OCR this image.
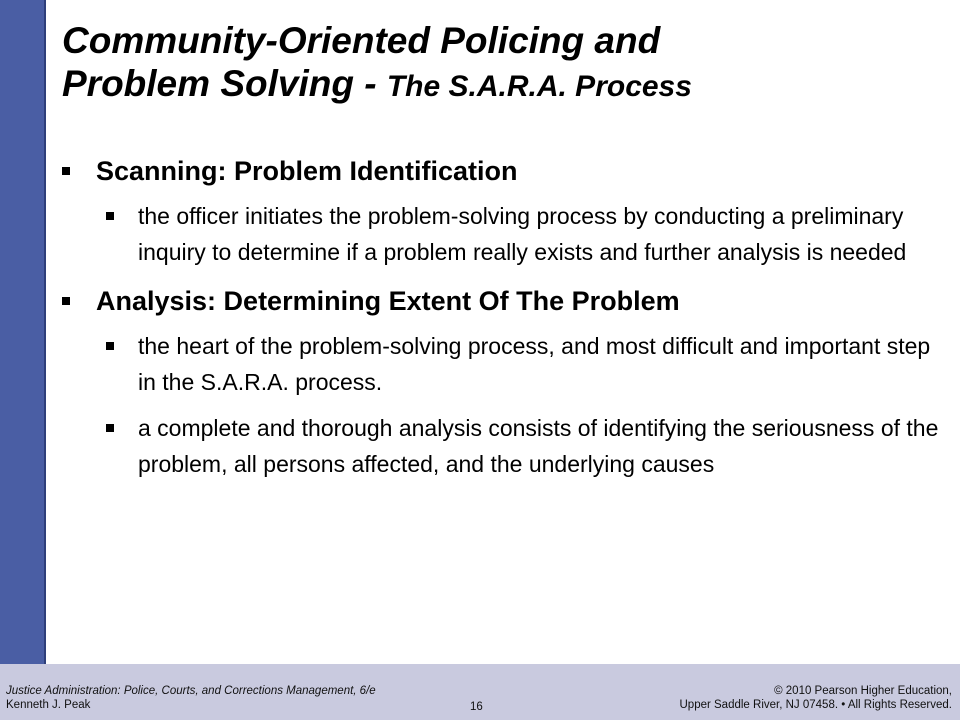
Community-Oriented Policing and
Problem Solving - The S.A.R.A. Process
Scanning: Problem Identification
the officer initiates the problem-solving process by conducting a preliminary inquiry to determine if a problem really exists and further analysis is needed
Analysis: Determining Extent Of The Problem
the heart of the problem-solving process, and most difficult and important step in the S.A.R.A. process.
a complete and thorough analysis consists of identifying the seriousness of the problem, all persons affected, and the underlying causes
Justice Administration: Police, Courts, and Corrections Management, 6/e
Kenneth J. Peak	16
© 2010 Pearson Higher Education,
Upper Saddle River, NJ 07458. • All Rights Reserved.
